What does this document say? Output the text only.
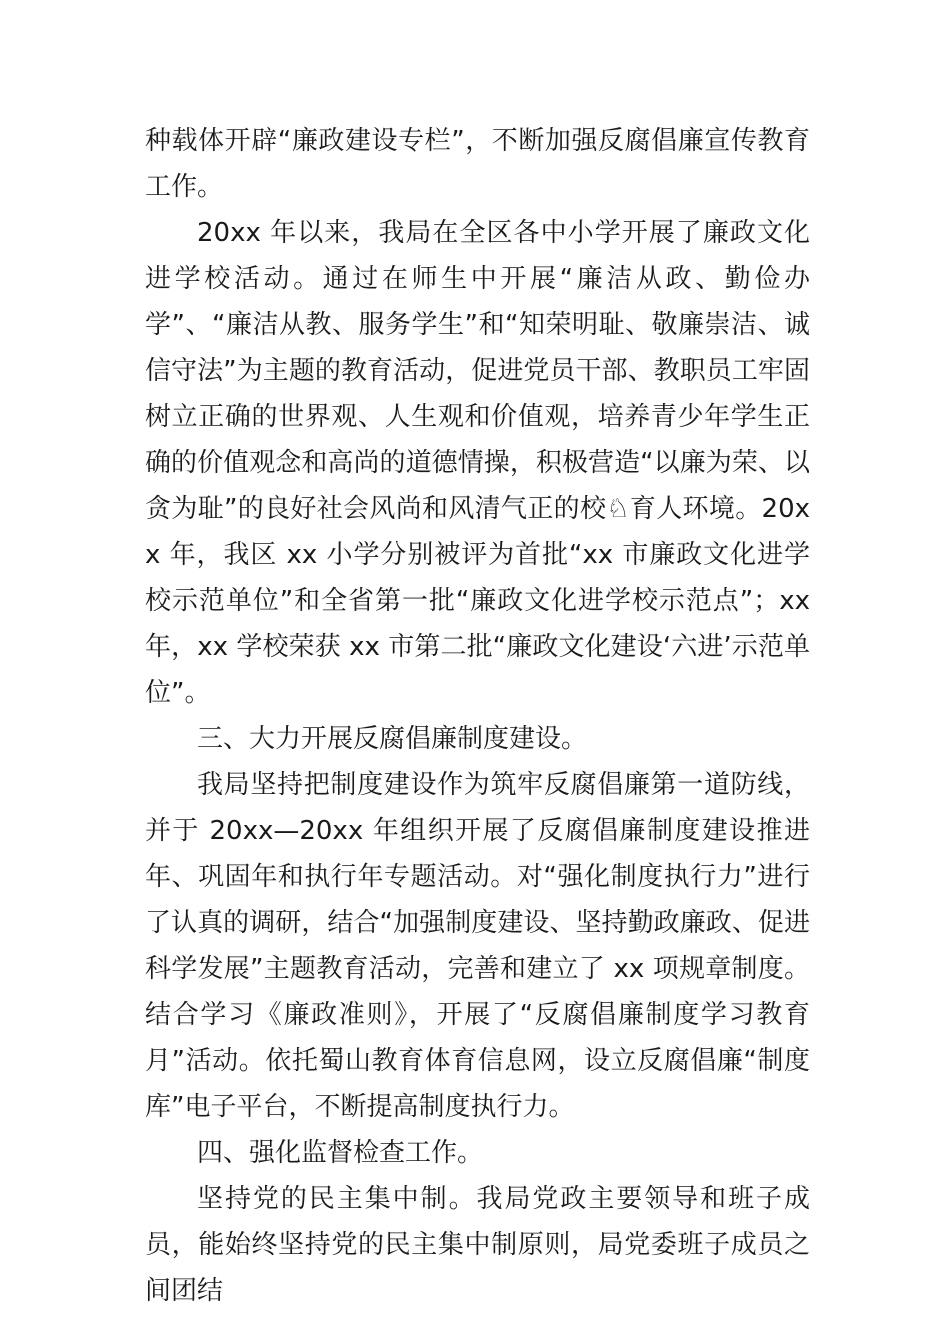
种载体开辟“廉政建设专栏”，不断加强反腐倡廉宣传教育工作。

20xx 年以来，我局在全区各中小学开展了廉政文化进学校活动。通过在师生中开展“廉洁从政、勤俭办学”、“廉洁从教、服务学生”和“知荣明耻、敬廉崇洁、诚信守法”为主题的教育活动，促进党员干部、教职员工牢固树立正确的世界观、人生观和价值观，培养青少年学生正确的价值观念和高尚的道德情操，积极营造“以廉为荣、以贪为耻”的良好社会风尚和风清气正的校♘育人环境。20xx 年，我区 xx 小学分别被评为首批“xx 市廉政文化进学校示范单位”和全省第一批“廉政文化进学校示范点”；xx 年，xx 学校荣获 xx 市第二批“廉政文化建设‘六进’示范单位”。

三、大力开展反腐倡廉制度建设。

我局坚持把制度建设作为筑牢反腐倡廉第一道防线，并于 20xx—20xx 年组织开展了反腐倡廉制度建设推进年、巩固年和执行年专题活动。对“强化制度执行力”进行了认真的调研，结合“加强制度建设、坚持勤政廉政、促进科学发展”主题教育活动，完善和建立了 xx 项规章制度。结合学习《廉政准则》，开展了“反腐倡廉制度学习教育月”活动。依托蜀山教育体育信息网，设立反腐倡廉“制度库”电子平台，不断提高制度执行力。

四、强化监督检查工作。

坚持党的民主集中制。我局党政主要领导和班子成员，能始终坚持党的民主集中制原则，局党委班子成员之间团结
